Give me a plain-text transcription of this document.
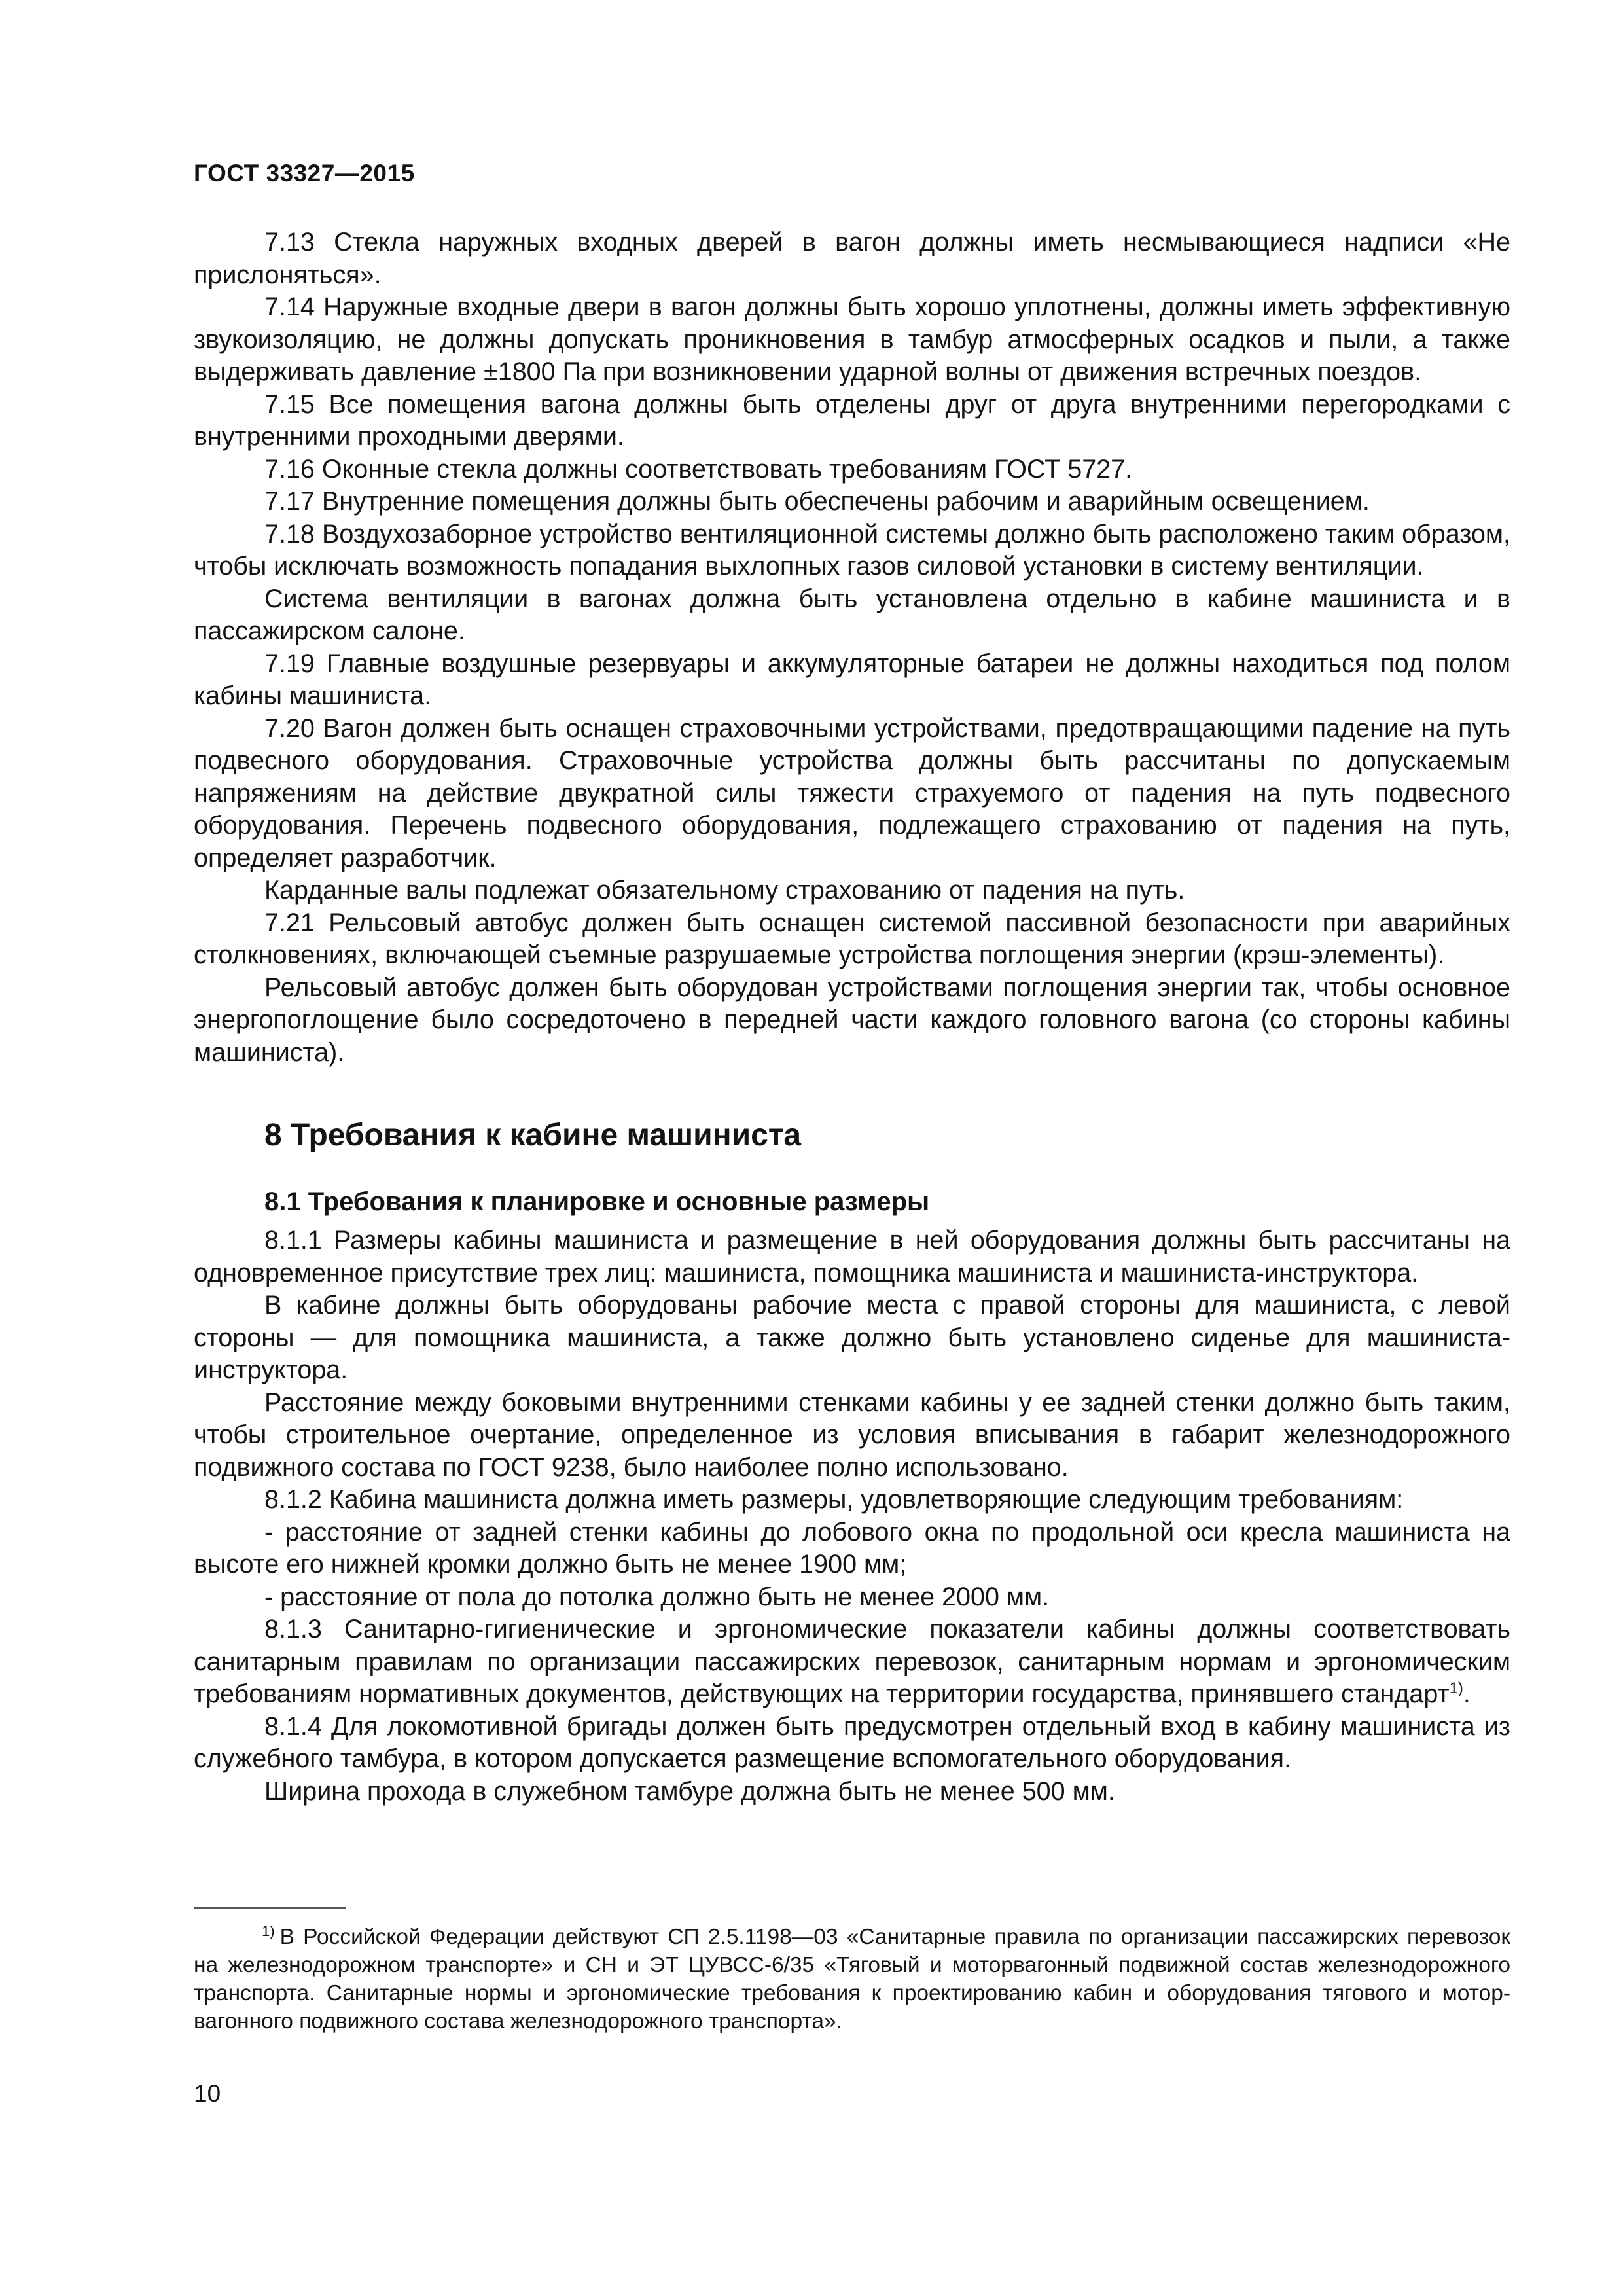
ГОСТ 33327—2015

7.13 Стекла наружных входных дверей в вагон должны иметь несмывающиеся надписи «Не прислоняться».

7.14 Наружные входные двери в вагон должны быть хорошо уплотнены, должны иметь эффективную звукоизоляцию, не должны допускать проникновения в тамбур атмосферных осадков и пыли, а также выдерживать давление ±1800 Па при возникновении ударной волны от движения встречных поездов.

7.15 Все помещения вагона должны быть отделены друг от друга внутренними перегородками с внутренними проходными дверями.

7.16 Оконные стекла должны соответствовать требованиям ГОСТ 5727.

7.17 Внутренние помещения должны быть обеспечены рабочим и аварийным освещением.

7.18 Воздухозаборное устройство вентиляционной системы должно быть расположено таким образом, чтобы исключать возможность попадания выхлопных газов силовой установки в систему вентиляции.

Система вентиляции в вагонах должна быть установлена отдельно в кабине машиниста и в пассажирском салоне.

7.19 Главные воздушные резервуары и аккумуляторные батареи не должны находиться под полом кабины машиниста.

7.20 Вагон должен быть оснащен страховочными устройствами, предотвращающими падение на путь подвесного оборудования. Страховочные устройства должны быть рассчитаны по допускаемым напряжениям на действие двукратной силы тяжести страхуемого от падения на путь подвесного оборудования. Перечень подвесного оборудования, подлежащего страхованию от падения на путь, определяет разработчик.

Карданные валы подлежат обязательному страхованию от падения на путь.

7.21 Рельсовый автобус должен быть оснащен системой пассивной безопасности при аварийных столкновениях, включающей съемные разрушаемые устройства поглощения энергии (крэш-элементы).

Рельсовый автобус должен быть оборудован устройствами поглощения энергии так, чтобы основное энергопоглощение было сосредоточено в передней части каждого головного вагона (со стороны кабины машиниста).

8 Требования к кабине машиниста
8.1 Требования к планировке и основные размеры

8.1.1 Размеры кабины машиниста и размещение в ней оборудования должны быть рассчитаны на одновременное присутствие трех лиц: машиниста, помощника машиниста и машиниста-инструктора.

В кабине должны быть оборудованы рабочие места с правой стороны для машиниста, с левой стороны — для помощника машиниста, а также должно быть установлено сиденье для машиниста-инструктора.

Расстояние между боковыми внутренними стенками кабины у ее задней стенки должно быть таким, чтобы строительное очертание, определенное из условия вписывания в габарит железнодорожного подвижного состава по ГОСТ 9238, было наиболее полно использовано.

8.1.2 Кабина машиниста должна иметь размеры, удовлетворяющие следующим требованиям:

- расстояние от задней стенки кабины до лобового окна по продольной оси кресла машиниста на высоте его нижней кромки должно быть не менее 1900 мм;

- расстояние от пола до потолка должно быть не менее 2000 мм.

8.1.3 Санитарно-гигиенические и эргономические показатели кабины должны соответствовать санитарным правилам по организации пассажирских перевозок, санитарным нормам и эргономическим требованиям нормативных документов, действующих на территории государства, принявшего стандарт$^{1)}$.

8.1.4 Для локомотивной бригады должен быть предусмотрен отдельный вход в кабину машиниста из служебного тамбура, в котором допускается размещение вспомогательного оборудования.

Ширина прохода в служебном тамбуре должна быть не менее 500 мм.

$^{1)}$ В Российской Федерации действуют СП 2.5.1198—03 «Санитарные правила по организации пассажирских перевозок на железнодорожном транспорте» и СН и ЭТ ЦУВСС-6/35 «Тяговый и моторвагонный подвижной состав железнодорожного транспорта. Санитарные нормы и эргономические требования к проектированию кабин и оборудования тягового и мотор-вагонного подвижного состава железнодорожного транспорта».
10
